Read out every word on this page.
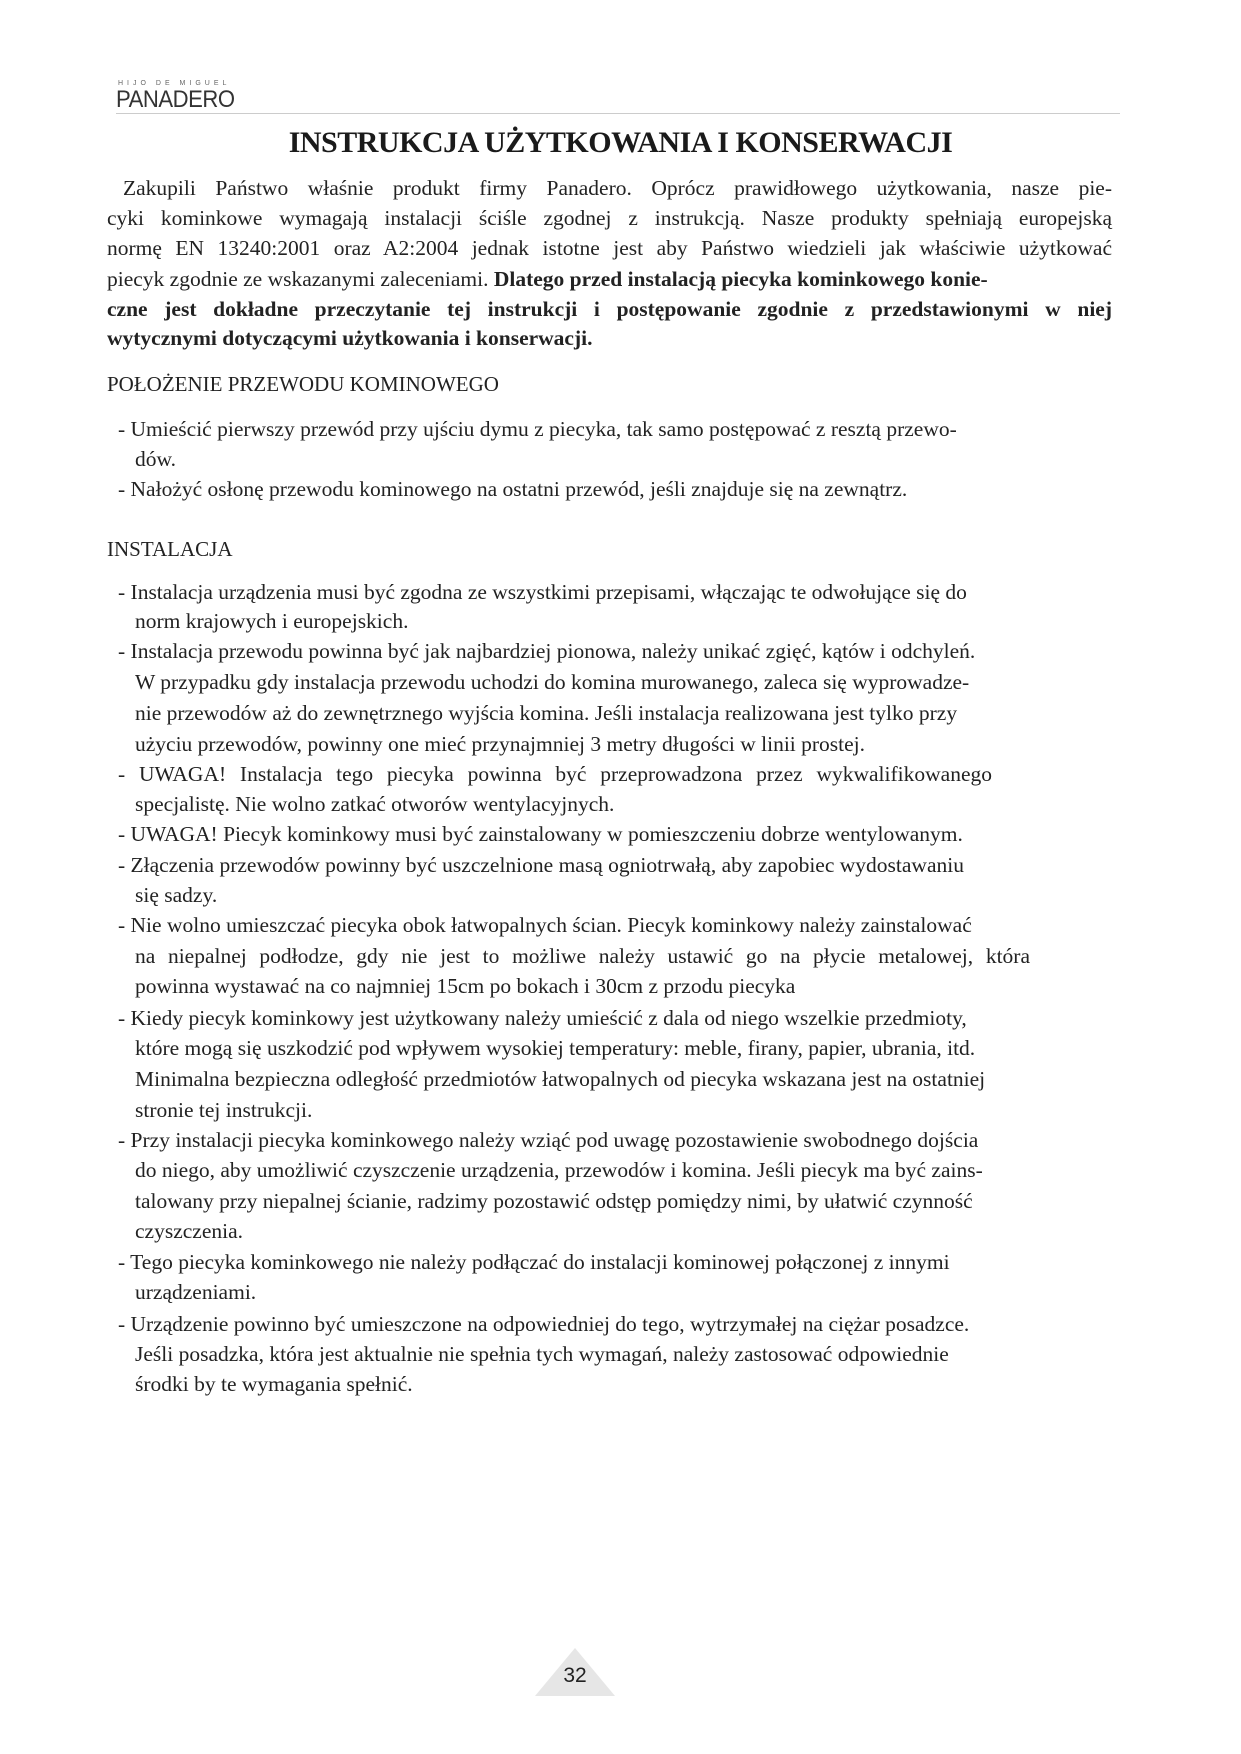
HIJO DE MIGUEL
PANADERO
INSTRUKCJA UŻYTKOWANIA I KONSERWACJI
Zakupili Państwo właśnie produkt firmy Panadero. Oprócz prawidłowego użytkowania, nasze pie-
cyki kominkowe wymagają instalacji ściśle zgodnej z instrukcją. Nasze produkty spełniają europejską
normę EN 13240:2001 oraz A2:2004 jednak istotne jest aby Państwo wiedzieli jak właściwie użytkować
piecyk zgodnie ze wskazanymi zaleceniami. Dlatego przed instalacją piecyka kominkowego konie-
czne jest dokładne przeczytanie tej instrukcji i postępowanie zgodnie z przedstawionymi w niej
wytycznymi dotyczącymi użytkowania i konserwacji.
POŁOŻENIE PRZEWODU KOMINOWEGO
- Umieścić pierwszy przewód przy ujściu dymu z piecyka, tak samo postępować z resztą przewo-
dów.
- Nałożyć osłonę przewodu kominowego na ostatni przewód, jeśli znajduje się na zewnątrz.
INSTALACJA
- Instalacja urządzenia musi być zgodna ze wszystkimi przepisami, włączając te odwołujące się do
norm krajowych i europejskich.
- Instalacja przewodu powinna być jak najbardziej pionowa, należy unikać zgięć, kątów i odchyleń.
W przypadku gdy instalacja przewodu uchodzi do komina murowanego, zaleca się wyprowadze-
nie przewodów aż do zewnętrznego wyjścia komina. Jeśli instalacja realizowana jest tylko przy
użyciu przewodów, powinny one mieć przynajmniej 3 metry długości w linii prostej.
- UWAGA! Instalacja tego piecyka powinna być przeprowadzona przez wykwalifikowanego
specjalistę. Nie wolno zatkać otworów wentylacyjnych.
- UWAGA! Piecyk kominkowy musi być zainstalowany w pomieszczeniu dobrze wentylowanym.
- Złączenia przewodów powinny być uszczelnione masą ogniotrwałą, aby zapobiec wydostawaniu
się sadzy.
- Nie wolno umieszczać piecyka obok łatwopalnych ścian. Piecyk kominkowy należy zainstalować
na niepalnej podłodze, gdy nie jest to możliwe należy ustawić go na płycie metalowej, która
powinna wystawać na co najmniej 15cm po bokach i 30cm z przodu piecyka
- Kiedy piecyk kominkowy jest użytkowany należy umieścić z dala od niego wszelkie przedmioty,
które mogą się uszkodzić pod wpływem wysokiej temperatury: meble, firany, papier, ubrania, itd.
Minimalna bezpieczna odległość przedmiotów łatwopalnych od piecyka wskazana jest na ostatniej
stronie tej instrukcji.
- Przy instalacji piecyka kominkowego należy wziąć pod uwagę pozostawienie swobodnego dojścia
do niego, aby umożliwić czyszczenie urządzenia, przewodów i komina. Jeśli piecyk ma być zains-
talowany przy niepalnej ścianie, radzimy pozostawić odstęp pomiędzy nimi, by ułatwić czynność
czyszczenia.
- Tego piecyka kominkowego nie należy podłączać do instalacji kominowej połączonej z innymi
urządzeniami.
- Urządzenie powinno być umieszczone na odpowiedniej do tego, wytrzymałej na ciężar posadzce.
Jeśli posadzka, która jest aktualnie nie spełnia tych wymagań, należy zastosować odpowiednie
środki by te wymagania spełnić.
32
